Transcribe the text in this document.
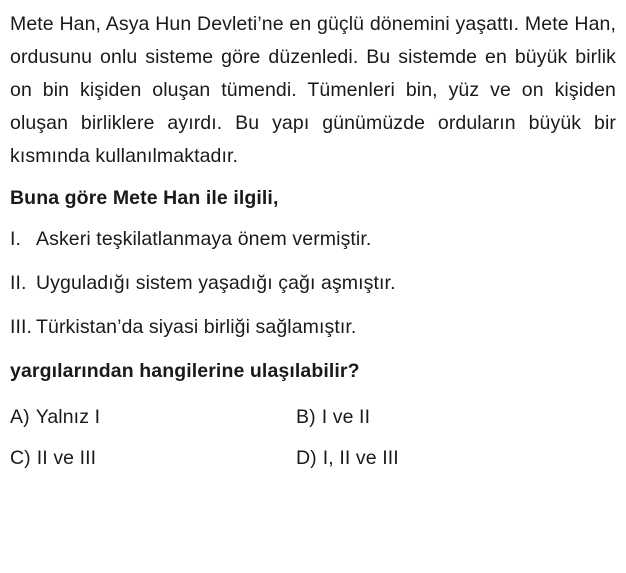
Mete Han, Asya Hun Devleti’ne en güçlü dönemini yaşattı. Mete Han, ordusunu onlu sisteme göre düzenledi. Bu sistemde en büyük birlik on bin kişiden oluşan tümendi. Tümenleri bin, yüz ve on kişiden oluşan birliklere ayırdı. Bu yapı günümüzde orduların büyük bir kısmında kullanılmaktadır.

Buna göre Mete Han ile ilgili,
I. Askeri teşkilatlanmaya önem vermiştir.
II. Uyguladığı sistem yaşadığı çağı aşmıştır.
III. Türkistan’da siyasi birliği sağlamıştır.
yargılarından hangilerine ulaşılabilir?
A) Yalnız I	B) I ve II
C) II ve III	D) I, II ve III
